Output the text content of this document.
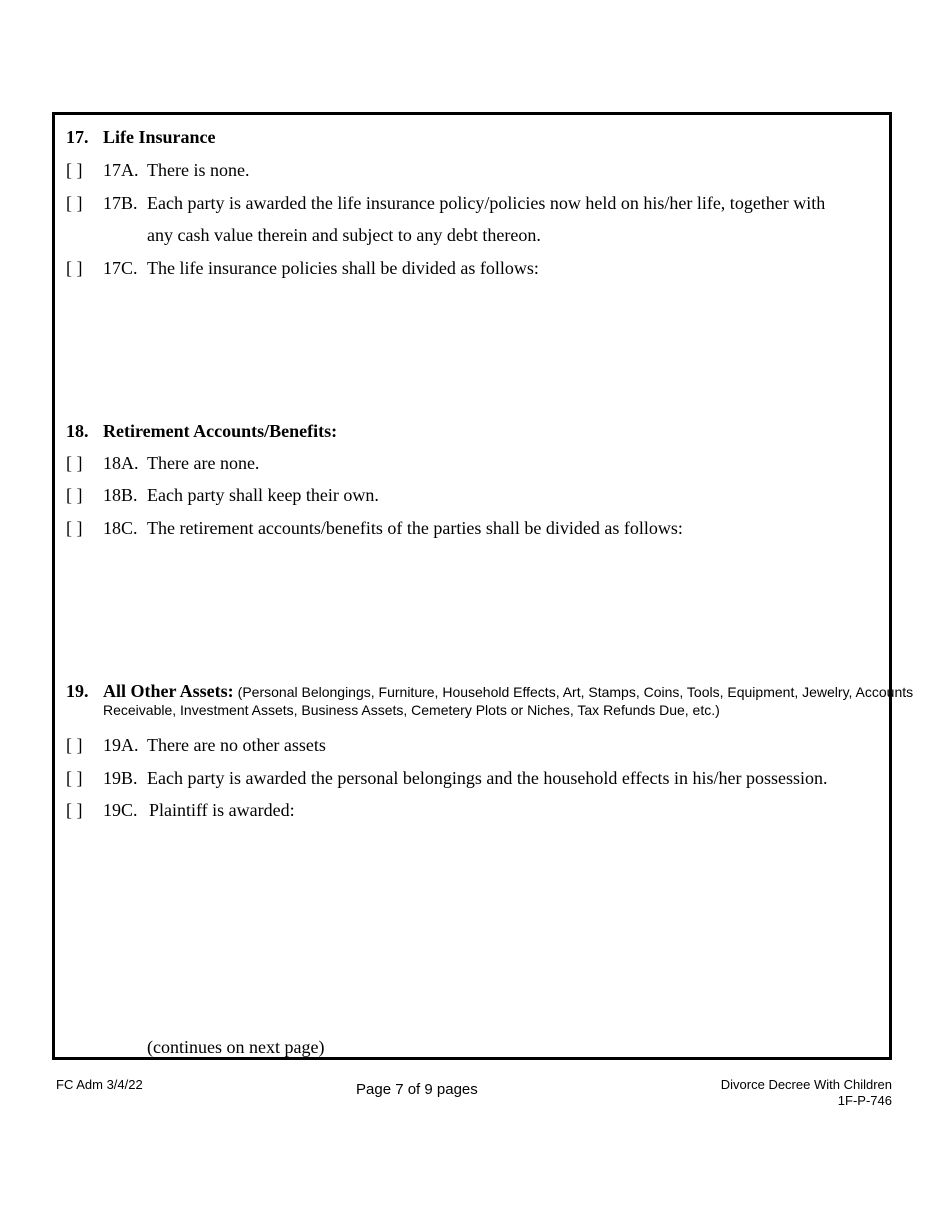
17. Life Insurance
[ ] 17A. There is none.
[ ] 17B. Each party is awarded the life insurance policy/policies now held on his/her life, together with
any cash value therein and subject to any debt thereon.
[ ] 17C. The life insurance policies shall be divided as follows:
18. Retirement Accounts/Benefits:
[ ] 18A. There are none.
[ ] 18B. Each party shall keep their own.
[ ] 18C. The retirement accounts/benefits of the parties shall be divided as follows:
19. All Other Assets: (Personal Belongings, Furniture, Household Effects, Art, Stamps, Coins, Tools, Equipment, Jewelry, Accounts
Receivable, Investment Assets, Business Assets, Cemetery Plots or Niches, Tax Refunds Due, etc.)
[ ] 19A. There are no other assets
[ ] 19B. Each party is awarded the personal belongings and the household effects in his/her possession.
[ ] 19C. Plaintiff is awarded:
(continues on next page)
FC Adm 3/4/22	Page 7 of 9 pages	Divorce Decree With Children
1F-P-746
